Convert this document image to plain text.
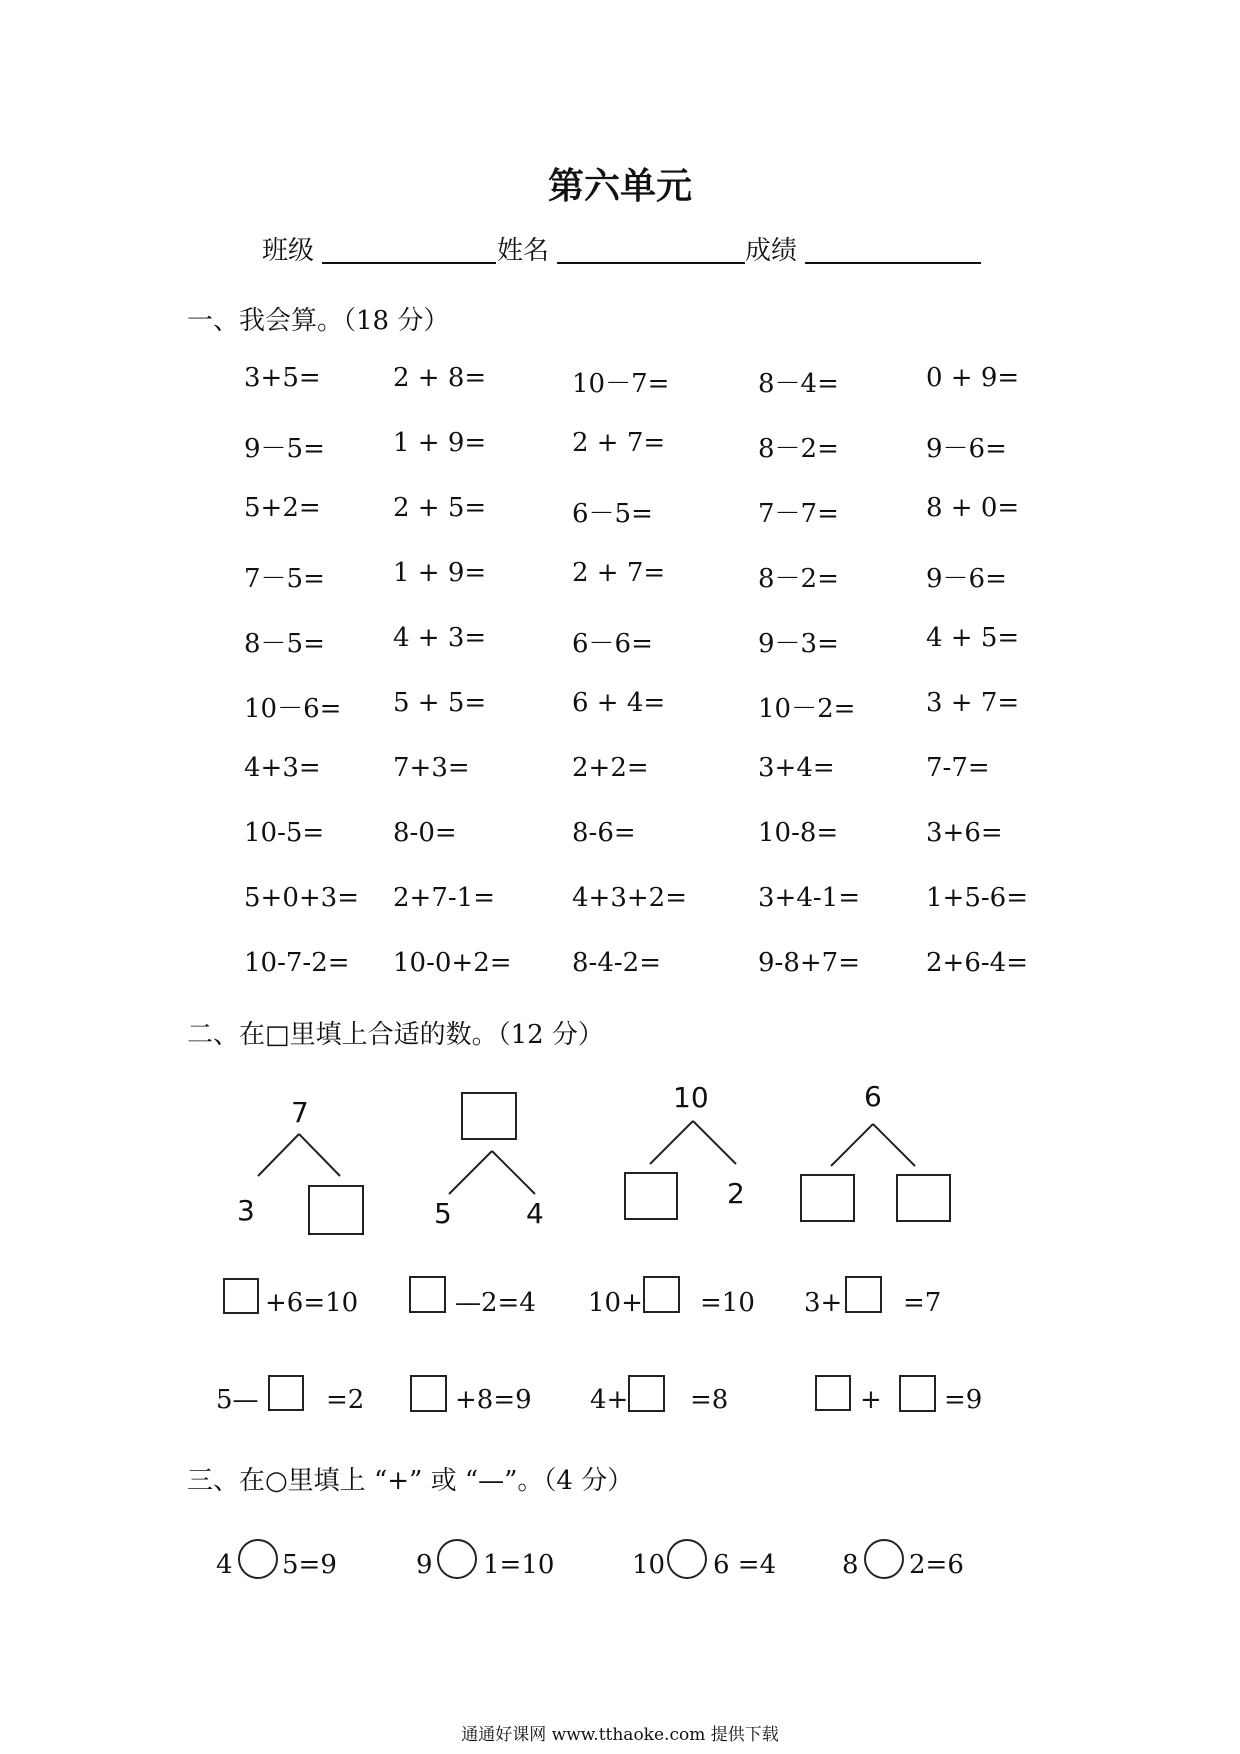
第六单元
班级	姓名	成绩
一、我会算。（18 分）
3+5=	2 + 8=	10－7=	8－4=	0 + 9=
9－5=	1 + 9=	2 + 7=	8－2=	9－6=
5+2=	2 + 5=	6－5=	7－7=	8 + 0=
7－5=	1 + 9=	2 + 7=	8－2=	9－6=
8－5=	4 + 3=	6－6=	9－3=	4 + 5=
10－6= 5 + 5=	6 + 4=	10－2=	3 + 7=
4+3=	7+3=	2+2=	3+4=	7-7=
10-5=	8-0=	8-6=	10-8=	3+6=
5+0+3= 2+7-1=	4+3+2=	3+4-1=	1+5-6=
10-7-2= 10-0+2= 8-4-2=	9-8+7=	2+6-4=
二、在□里填上合适的数。（12 分）
7
3	5	4
10
2
6
+6=10	—2=4 10+ =10 3+ =7
5—	=2	+8=9 4+ =8	+ =9
三、在○里填上 “+” 或 “—”。（4 分）
4 5=9	9 1=10	10 6 =4	8 2=6
通通好课网 www.tthaoke.com 提供下载
